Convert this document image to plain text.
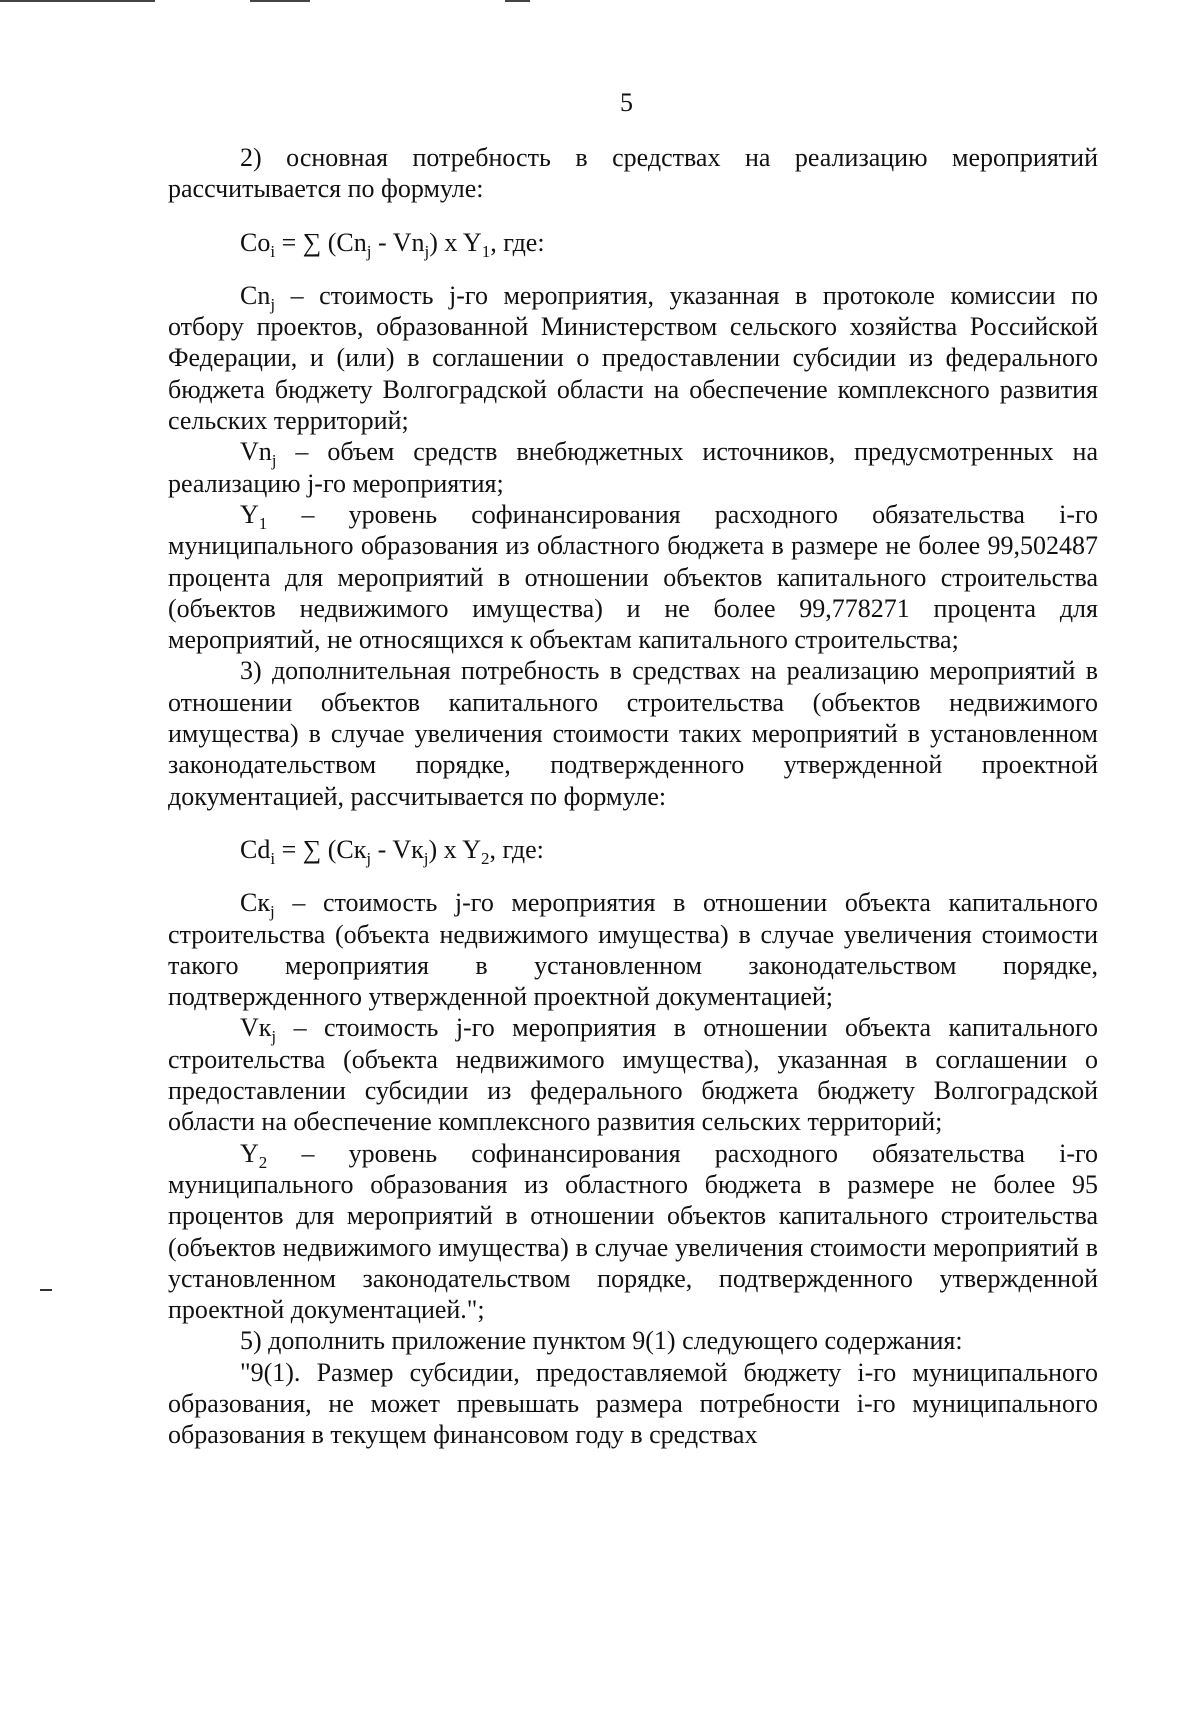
5

2) основная потребность в средствах на реализацию мероприятий рассчитывается по формуле:

$Co_i$ = ∑ $(Cn_j - Vn_j)$ x $Y_1$, где:

$Cn_j$ – стоимость j-го мероприятия, указанная в протоколе комиссии по отбору проектов, образованной Министерством сельского хозяйства Российской Федерации, и (или) в соглашении о предоставлении субсидии из федерального бюджета бюджету Волгоградской области на обеспечение комплексного развития сельских территорий;

$Vn_j$ – объем средств внебюджетных источников, предусмотренных на реализацию j-го мероприятия;

$Y_1$ – уровень софинансирования расходного обязательства i-го муниципального образования из областного бюджета в размере не более 99,502487 процента для мероприятий в отношении объектов капитального строительства (объектов недвижимого имущества) и не более 99,778271 процента для мероприятий, не относящихся к объектам капитального строительства;

3) дополнительная потребность в средствах на реализацию мероприятий в отношении объектов капитального строительства (объектов недвижимого имущества) в случае увеличения стоимости таких мероприятий в установленном законодательством порядке, подтвержденного утвержденной проектной документацией, рассчитывается по формуле:

$Cd_i$ = ∑ $(Cк_j - Vк_j)$ x $Y_2$, где:

$Cк_j$ – стоимость j-го мероприятия в отношении объекта капитального строительства (объекта недвижимого имущества) в случае увеличения стоимости такого мероприятия в установленном законодательством порядке, подтвержденного утвержденной проектной документацией;

$Vк_j$ – стоимость j-го мероприятия в отношении объекта капитального строительства (объекта недвижимого имущества), указанная в соглашении о предоставлении субсидии из федерального бюджета бюджету Волгоградской области на обеспечение комплексного развития сельских территорий;

$Y_2$ – уровень софинансирования расходного обязательства i-го муниципального образования из областного бюджета в размере не более 95 процентов для мероприятий в отношении объектов капитального строительства (объектов недвижимого имущества) в случае увеличения стоимости мероприятий в установленном законодательством порядке, подтвержденного утвержденной проектной документацией.";

5) дополнить приложение пунктом 9(1) следующего содержания:

"9(1). Размер субсидии, предоставляемой бюджету i-го муниципального образования, не может превышать размера потребности i-го муниципального образования в текущем финансовом году в средствах
